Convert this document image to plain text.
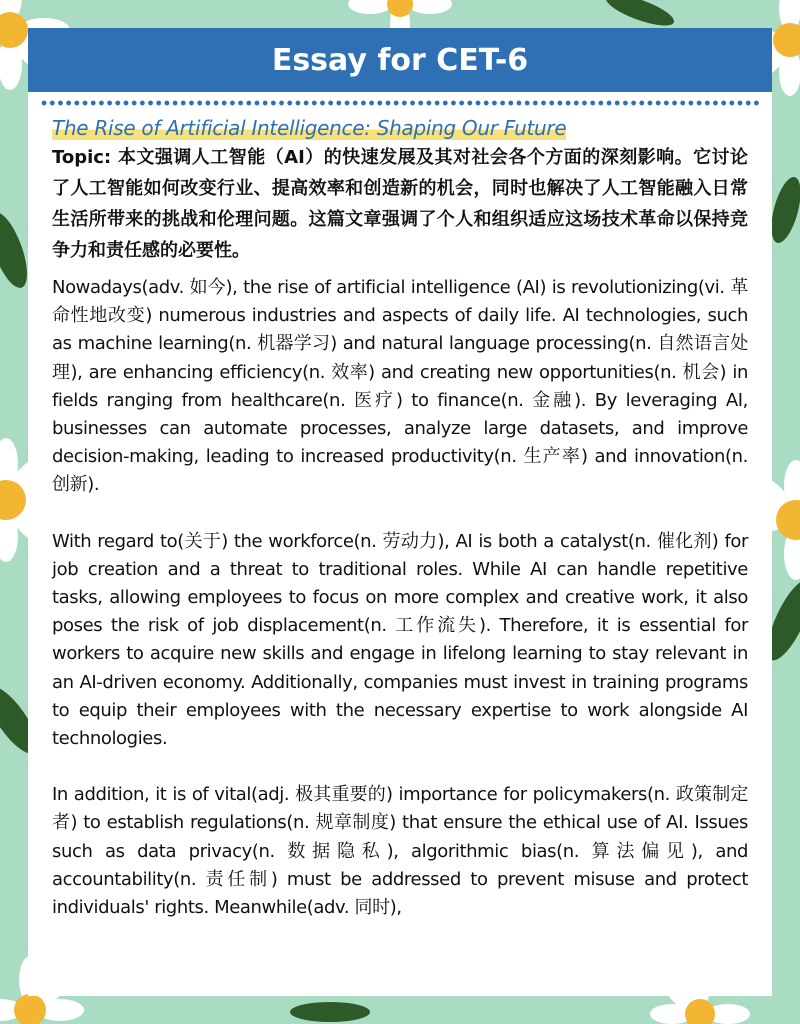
Essay for CET-6
The Rise of Artificial Intelligence: Shaping Our Future

Topic: 本文强调人工智能（AI）的快速发展及其对社会各个方面的深刻影响。它讨论了人工智能如何改变行业、提高效率和创造新的机会，同时也解决了人工智能融入日常生活所带来的挑战和伦理问题。这篇文章强调了个人和组织适应这场技术革命以保持竞争力和责任感的必要性。

Nowadays(adv. 如今), the rise of artificial intelligence (AI) is revolutionizing(vi. 革命性地改变) numerous industries and aspects of daily life. AI technologies, such as machine learning(n. 机器学习) and natural language processing(n. 自然语言处理), are enhancing efficiency(n. 效率) and creating new opportunities(n. 机会) in fields ranging from healthcare(n. 医疗) to finance(n. 金融). By leveraging AI, businesses can automate processes, analyze large datasets, and improve decision-making, leading to increased productivity(n. 生产率) and innovation(n. 创新).

With regard to(关于) the workforce(n. 劳动力), AI is both a catalyst(n. 催化剂) for job creation and a threat to traditional roles. While AI can handle repetitive tasks, allowing employees to focus on more complex and creative work, it also poses the risk of job displacement(n. 工作流失). Therefore, it is essential for workers to acquire new skills and engage in lifelong learning to stay relevant in an AI-driven economy. Additionally, companies must invest in training programs to equip their employees with the necessary expertise to work alongside AI technologies.

In addition, it is of vital(adj. 极其重要的) importance for policymakers(n. 政策制定者) to establish regulations(n. 规章制度) that ensure the ethical use of AI. Issues such as data privacy(n. 数据隐私), algorithmic bias(n. 算法偏见), and accountability(n. 责任制) must be addressed to prevent misuse and protect individuals' rights. Meanwhile(adv. 同时),
